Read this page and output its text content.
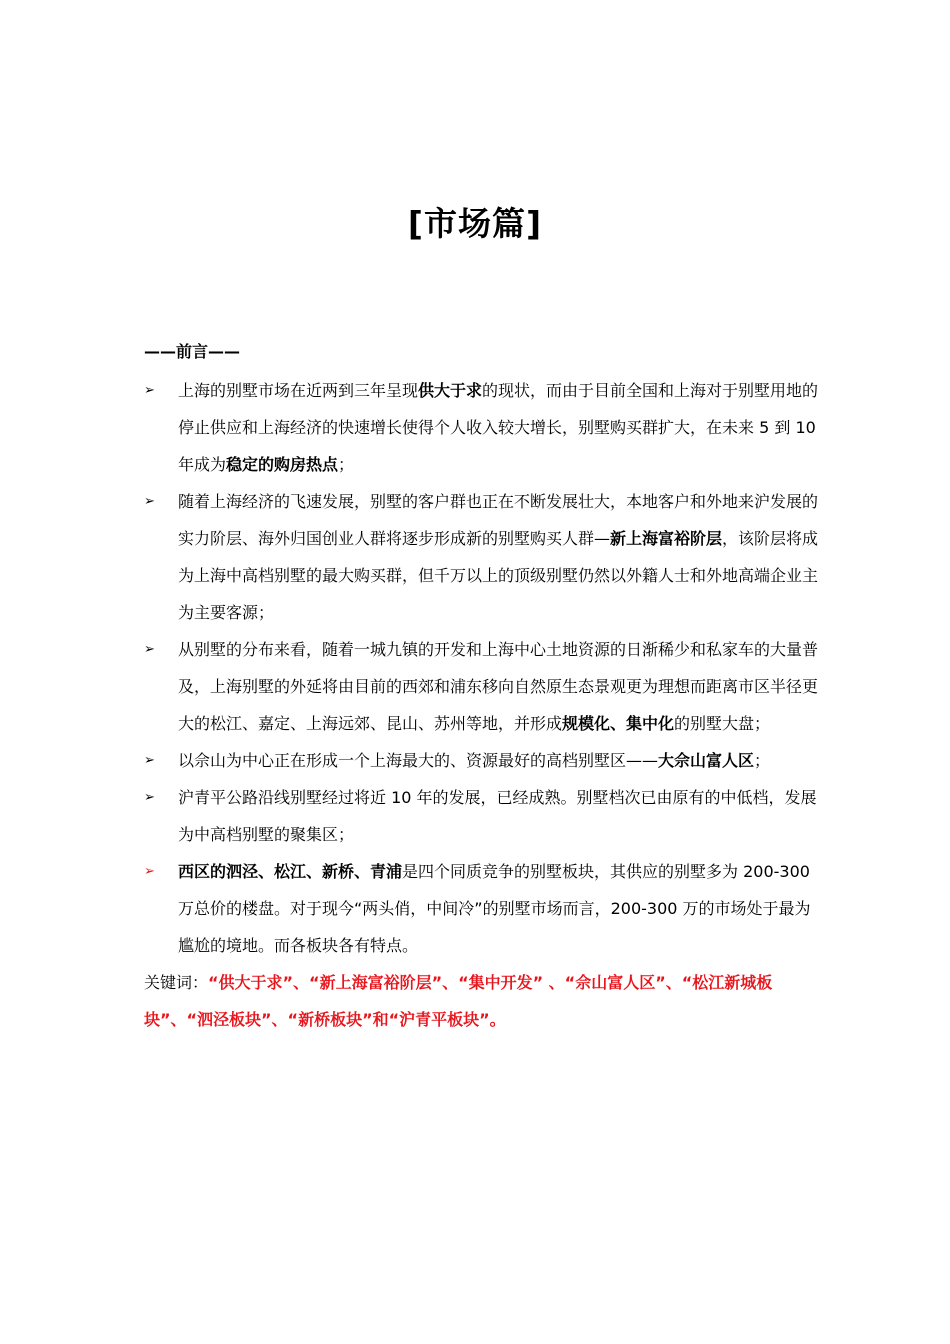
[市场篇]
——前言——
➢	上海的别墅市场在近两到三年呈现供大于求的现状，而由于目前全国和上海对于别墅用地的停止供应和上海经济的快速增长使得个人收入较大增长，别墅购买群扩大，在未来 5 到 10 年成为稳定的购房热点；
➢	随着上海经济的飞速发展，别墅的客户群也正在不断发展壮大，本地客户和外地来沪发展的实力阶层、海外归国创业人群将逐步形成新的别墅购买人群—新上海富裕阶层，该阶层将成为上海中高档别墅的最大购买群，但千万以上的顶级别墅仍然以外籍人士和外地高端企业主为主要客源；
➢	从别墅的分布来看，随着一城九镇的开发和上海中心土地资源的日渐稀少和私家车的大量普及，上海别墅的外延将由目前的西郊和浦东移向自然原生态景观更为理想而距离市区半径更大的松江、嘉定、上海远郊、昆山、苏州等地，并形成规模化、集中化的别墅大盘；
➢	以佘山为中心正在形成一个上海最大的、资源最好的高档别墅区——大佘山富人区；
➢	沪青平公路沿线别墅经过将近 10 年的发展，已经成熟。别墅档次已由原有的中低档，发展为中高档别墅的聚集区；
➢	西区的泗泾、松江、新桥、青浦是四个同质竞争的别墅板块，其供应的别墅多为 200-300 万总价的楼盘。对于现今“两头俏，中间冷”的别墅市场而言，200-300 万的市场处于最为尴尬的境地。而各板块各有特点。
关键词：“供大于求”、“新上海富裕阶层”、“集中开发” 、“佘山富人区”、“松江新城板块”、“泗泾板块”、“新桥板块”和“沪青平板块”。
